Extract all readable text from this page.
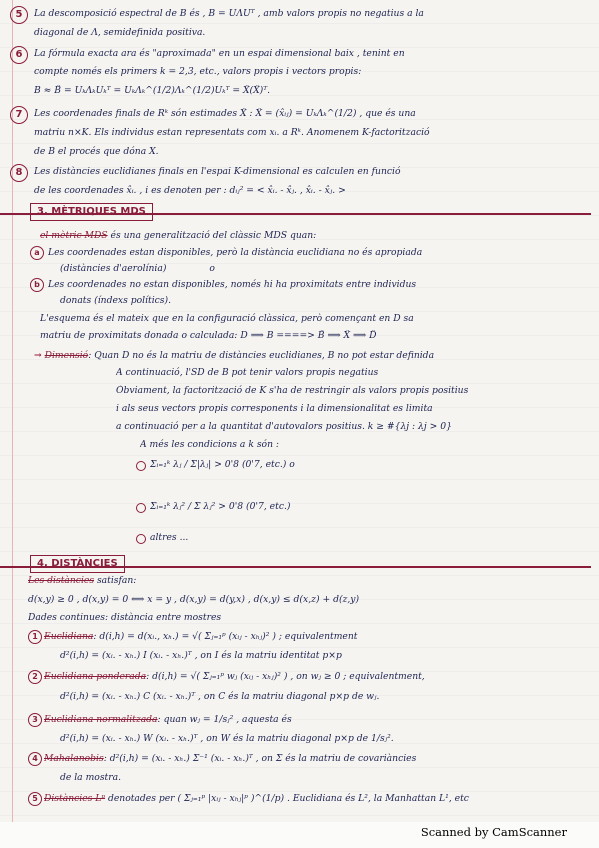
5	La descomposició espectral de B és , B = UΛUᵀ , amb valors propis no negatius a la
diagonal de Λ, semidefinida positiva.
6	La fórmula exacta ara és "aproximada" en un espai dimensional baix , tenint en
compte només els primers k = 2,3, etc., valors propis i vectors propis:
B ≈ B̂ = UₖΛₖUₖᵀ = UₖΛₖ^(1/2)Λₖ^(1/2)Uₖᵀ = X̂(X̂)ᵀ.
7	Les coordenades finals de Rᵏ són estimades X̂ : X̂ = (x̂ᵢⱼ) = UₖΛₖ^(1/2) , que és una
matriu n×K. Els individus estan representats com xᵢ. a Rᵏ. Anomenem K-factorització
de B el procés que dóna X.
8	Les distàncies euclidianes finals en l'espai K-dimensional es calculen en funció
de les coordenades x̂ᵢ. , i es denoten per : d̂ᵢⱼ² = < x̂ᵢ. - x̂ⱼ. , x̂ᵢ. - x̂ⱼ. >
3. MÈTRIQUES MDS
el mètric MDS és una generalització del clàssic MDS quan:
a Les coordenades estan disponibles, però la distància euclidiana no és apropiada
(distàncies d'aerolínia)	o
b Les coordenades no estan disponibles, només hi ha proximitats entre individus
donats (índexs polítics).
L'esquema és el mateix que en la configuració clàssica, però començant en D sa
matriu de proximitats donada o calculada: D ⟹ B ====> B̂ ⟹ X̂ ⟹ D̂
→ Dimensió: Quan D no és la matriu de distàncies euclidianes, B no pot estar definida
A continuació, l'SD de B pot tenir valors propis negatius
Òbviament, la factorització de K s'ha de restringir als valors propis positius
i als seus vectors propis corresponents i la dimensionalitat es limita
a continuació per a la quantitat d'autovalors positius. k ≥ #{λj : λj > 0}
A més les condicions a k són :
Σᵢ₌₁ᵏ λⱼ / Σ|λⱼ| > 0'8 (0'7, etc.) o
Σᵢ₌₁ᵏ λⱼ² / Σ λⱼ² > 0'8 (0'7, etc.)
altres ...
4. DISTÀNCIES
Les distàncies satisfan:
d(x,y) ≥ 0 , d(x,y) = 0 ⟺ x = y , d(x,y) = d(y,x) , d(x,y) ≤ d(x,z) + d(z,y)
Dades continues: distància entre mostres
1 Euclidiana: d(i,h) = d(xᵢ., xₕ.) = √( Σⱼ₌₁ᵖ (xᵢⱼ - xₕⱼ)² ) ; equivalentment
d²(i,h) = (xᵢ. - xₕ.) I (xᵢ. - xₕ.)ᵀ , on I és la matriu identitat p×p
2 Euclidiana ponderada: d(i,h) = √( Σⱼ₌₁ᵖ wⱼ (xᵢⱼ - xₕⱼ)² ) , on wⱼ ≥ 0 ; equivalentment,
d²(i,h) = (xᵢ. - xₕ.) C (xᵢ. - xₕ.)ᵀ , on C és la matriu diagonal p×p de wⱼ.
3 Euclidiana normalitzada: quan wⱼ = 1/sⱼ² , aquesta és
d²(i,h) = (xᵢ. - xₕ.) W (xᵢ. - xₕ.)ᵀ , on W és la matriu diagonal p×p de 1/sⱼ².
4 Mahalanobis: d²(i,h) = (xᵢ. - xₕ.) Σ⁻¹ (xᵢ. - xₕ.)ᵀ , on Σ és la matriu de covariàncies
de la mostra.
5 Distàncies Lᵖ denotades per ( Σⱼ₌₁ᵖ |xᵢⱼ - xₕⱼ|ᵖ )^(1/p) . Euclidiana és L², la Manhattan L¹, etc
Scanned by CamScanner
